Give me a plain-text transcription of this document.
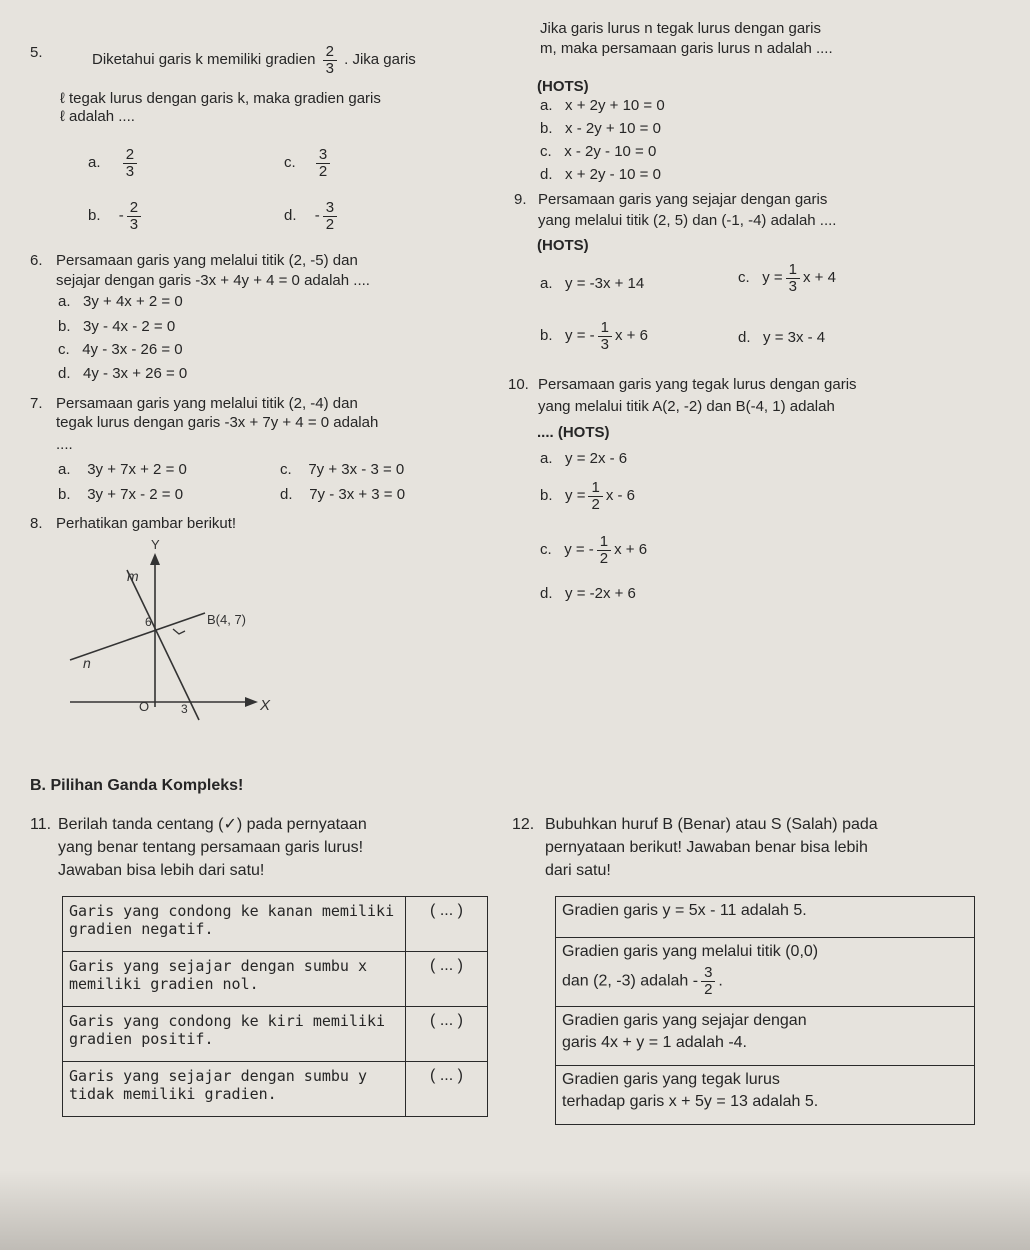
5.	Diketahui garis k memiliki gradien $\frac{2}{3}$ . Jika garis
ℓ tegak lurus dengan garis k, maka gradien garis
ℓ adalah ....
a. $\frac{2}{3}$	c. $\frac{3}{2}$
b. - $\frac{2}{3}$	d. - $\frac{3}{2}$
6. Persamaan garis yang melalui titik (2, -5) dan
sejajar dengan garis -3x + 4y + 4 = 0 adalah ....
a. 3y + 4x + 2 = 0
b. 3y - 4x - 2 = 0
c. 4y - 3x - 26 = 0
d. 4y - 3x + 26 = 0
7. Persamaan garis yang melalui titik (2, -4) dan
tegak lurus dengan garis -3x + 7y + 4 = 0 adalah
....
a. 3y + 7x + 2 = 0	c. 7y + 3x - 3 = 0
b. 3y + 7x - 2 = 0	d. 7y - 3x + 3 = 0
8. Perhatikan gambar berikut!
Y
X
m
n
O	3
6	B(4, 7)
Jika garis lurus n tegak lurus dengan garis
m, maka persamaan garis lurus n adalah ....
(HOTS)
a. x + 2y + 10 = 0
b. x - 2y + 10 = 0
c. x - 2y - 10 = 0
d. x + 2y - 10 = 0
9. Persamaan garis yang sejajar dengan garis
yang melalui titik (2, 5) dan (-1, -4) adalah ....
(HOTS)
a. y = -3x + 14	c. $y = \frac{1}{3}$ x + 4
b. y = - $\frac{1}{3}$ x + 6	d. y = 3x - 4
10. Persamaan garis yang tegak lurus dengan garis
yang melalui titik A(2, -2) dan B(-4, 1) adalah
.... (HOTS)
a. y = 2x - 6
b. $y = \frac{1}{2}$ x - 6
c. y = - $\frac{1}{2}$ x + 6
d. y = -2x + 6
B. Pilihan Ganda Kompleks!
11. Berilah tanda centang (✓) pada pernyataan
yang benar tentang persamaan garis lurus!
Jawaban bisa lebih dari satu!
Garis yang condong ke kanan memiliki gradien negatif.	( ... )
Garis yang sejajar dengan sumbu x memiliki gradien nol.	( ... )
Garis yang condong ke kiri memiliki gradien positif.	( ... )
Garis yang sejajar dengan sumbu y tidak memiliki gradien.	( ... )
12. Bubuhkan huruf B (Benar) atau S (Salah) pada
pernyataan berikut! Jawaban benar bisa lebih
dari satu!
Gradien garis y = 5x - 11 adalah 5.

Gradien garis yang melalui titik (0,0)
dan (2, -3) adalah - $\frac{3}{2}$ .

Gradien garis yang sejajar dengan
garis 4x + y = 1 adalah -4.

Gradien garis yang tegak lurus
terhadap garis x + 5y = 13 adalah 5.
